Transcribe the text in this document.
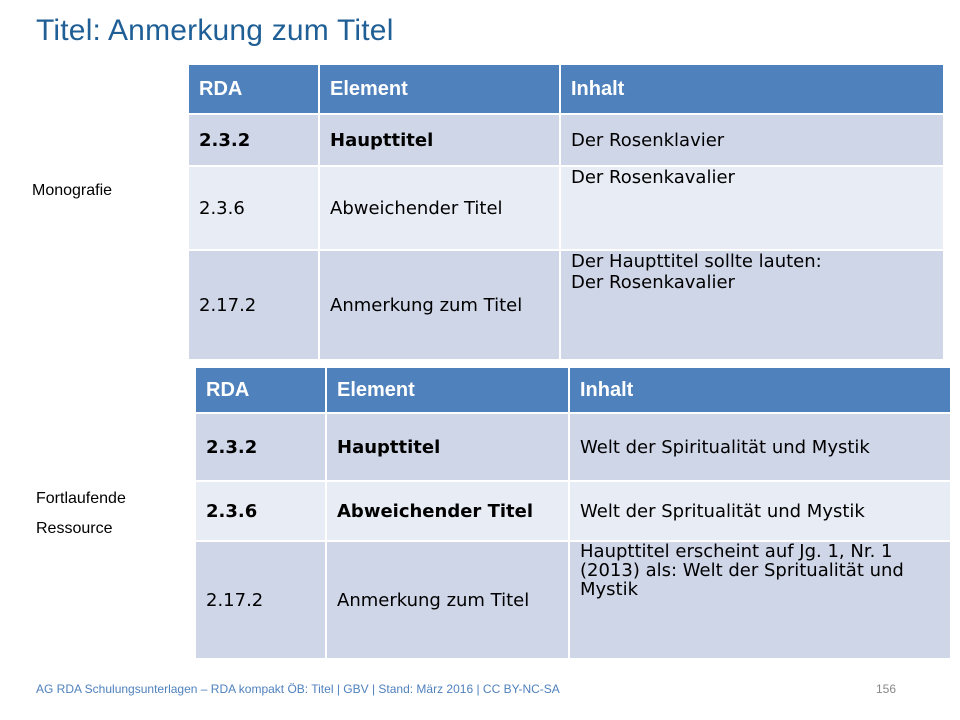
Titel: Anmerkung zum Titel
Monografie
Fortlaufende
Ressource
RDA	Element	Inhalt
2.3.2	Haupttitel	Der Rosenklavier
2.3.6	Abweichender Titel	Der Rosenkavalier
2.17.2	Anmerkung zum Titel	Der Haupttitel sollte lauten:
Der Rosenkavalier
RDA	Element	Inhalt
2.3.2	Haupttitel	Welt der Spiritualität und Mystik
2.3.6	Abweichender Titel	Welt der Spritualität und Mystik
2.17.2	Anmerkung zum Titel	Haupttitel erscheint auf Jg. 1, Nr. 1 (2013) als: Welt der Spritualität und Mystik
AG RDA Schulungsunterlagen – RDA kompakt ÖB: Titel | GBV | Stand: März 2016 | CC BY-NC-SA	156
